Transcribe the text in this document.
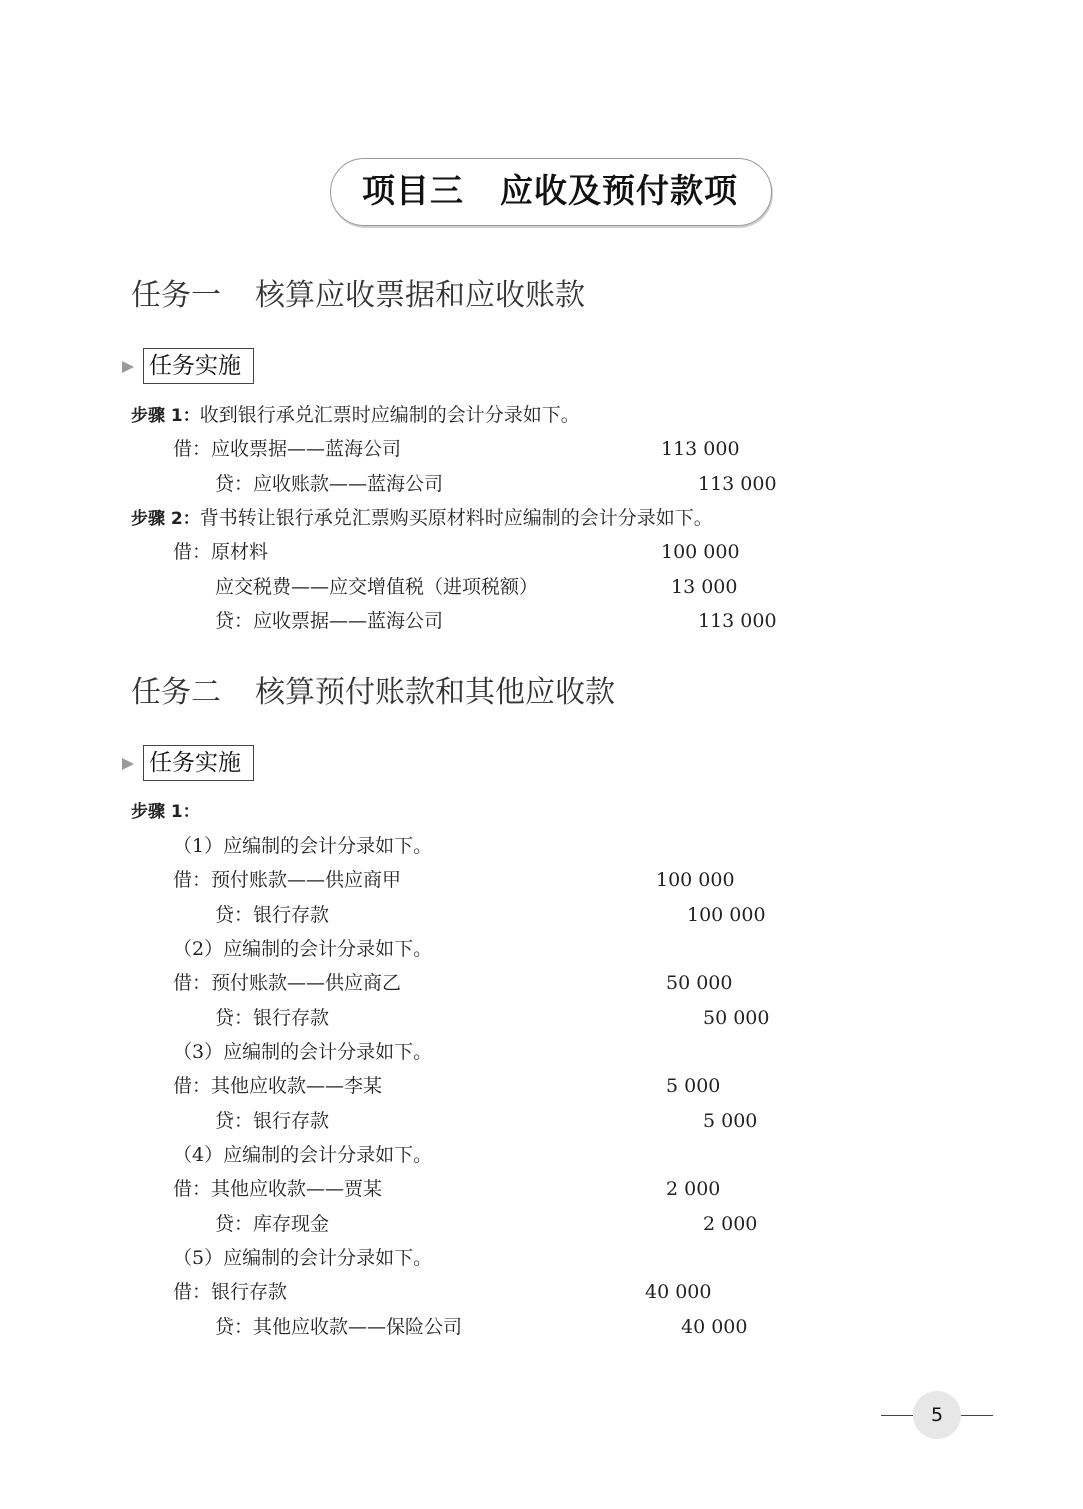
项目三 应收及预付款项
任务一 核算应收票据和应收账款
任务实施
步骤 1：收到银行承兑汇票时应编制的会计分录如下。
借：应收票据——蓝海公司	113 000
贷：应收账款——蓝海公司	113 000
步骤 2：背书转让银行承兑汇票购买原材料时应编制的会计分录如下。
借：原材料	100 000
应交税费——应交增值税（进项税额）	13 000
贷：应收票据——蓝海公司	113 000
任务二 核算预付账款和其他应收款
任务实施
步骤 1：
（1）应编制的会计分录如下。
借：预付账款——供应商甲	100 000
贷：银行存款	100 000
（2）应编制的会计分录如下。
借：预付账款——供应商乙	50 000
贷：银行存款	50 000
（3）应编制的会计分录如下。
借：其他应收款——李某	5 000
贷：银行存款	5 000
（4）应编制的会计分录如下。
借：其他应收款——贾某	2 000
贷：库存现金	2 000
（5）应编制的会计分录如下。
借：银行存款	40 000
贷：其他应收款——保险公司	40 000
5
